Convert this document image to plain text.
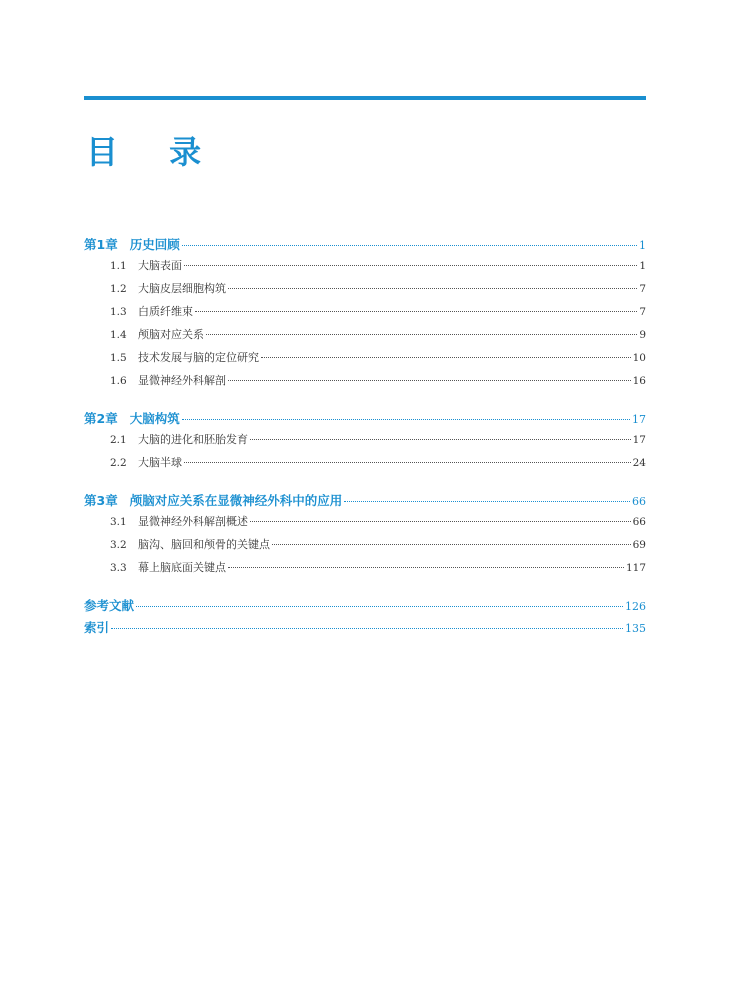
目 录
第1章 历史回顾	1
1.1	大脑表面	1
1.2	大脑皮层细胞构筑	7
1.3	白质纤维束	7
1.4	颅脑对应关系	9
1.5	技术发展与脑的定位研究	10
1.6	显微神经外科解剖	16
第2章 大脑构筑	17
2.1	大脑的进化和胚胎发育	17
2.2	大脑半球	24
第3章 颅脑对应关系在显微神经外科中的应用	66
3.1	显微神经外科解剖概述	66
3.2	脑沟、脑回和颅骨的关键点	69
3.3	幕上脑底面关键点	117
参考文献	126
索引	135
